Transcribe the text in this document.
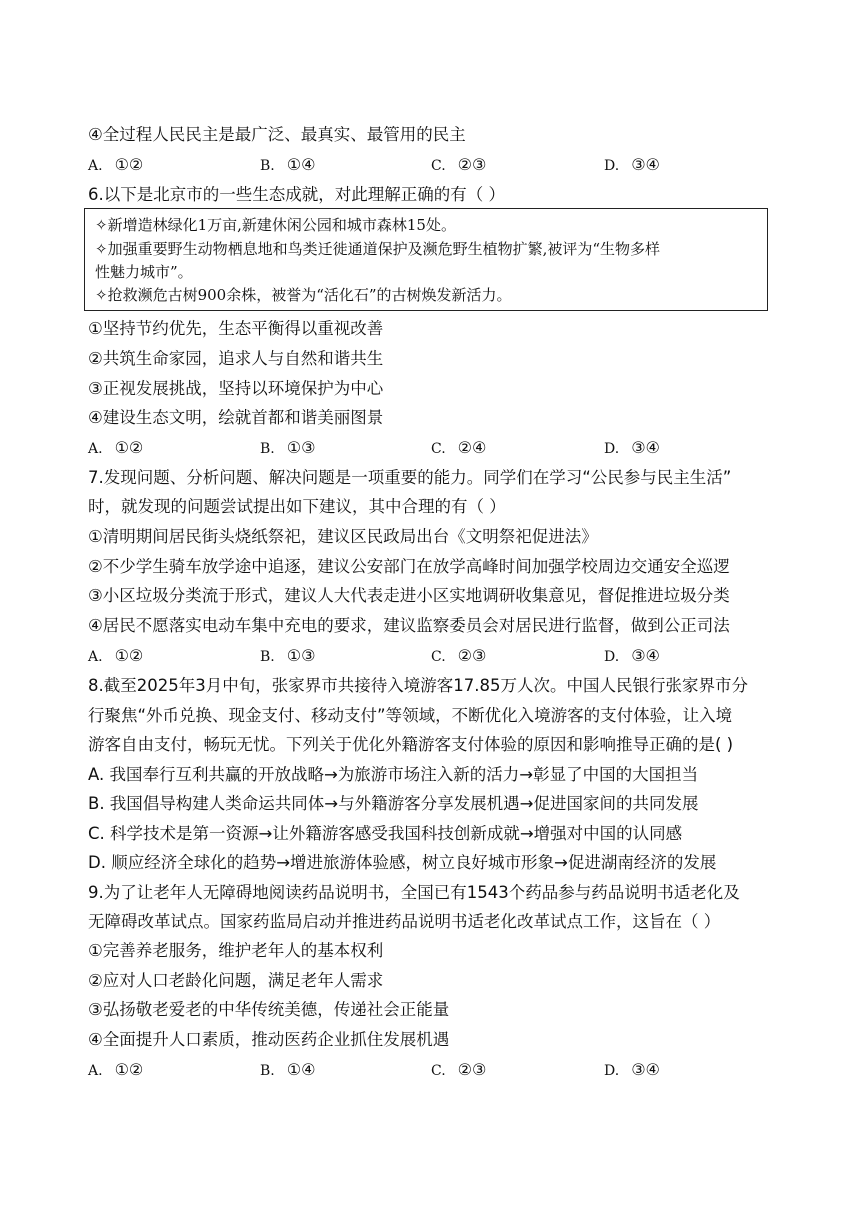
④全过程人民民主是最广泛、最真实、最管用的民主
A. ①②	B. ①④	C. ②③	D. ③④
6.以下是北京市的一些生态成就，对此理解正确的有（ ）
✧新增造林绿化1万亩,新建休闲公园和城市森林15处。
✧加强重要野生动物栖息地和鸟类迁徙通道保护及濒危野生植物扩繁,被评为“生物多样
性魅力城市”。
✧抢救濒危古树900余株，被誉为“活化石”的古树焕发新活力。
①坚持节约优先，生态平衡得以重视改善
②共筑生命家园，追求人与自然和谐共生
③正视发展挑战，坚持以环境保护为中心
④建设生态文明，绘就首都和谐美丽图景
A. ①②	B. ①③	C. ②④	D. ③④
7.发现问题、分析问题、解决问题是一项重要的能力。同学们在学习“公民参与民主生活”
时，就发现的问题尝试提出如下建议，其中合理的有（ ）
①清明期间居民街头烧纸祭祀，建议区民政局出台《文明祭祀促进法》
②不少学生骑车放学途中追逐，建议公安部门在放学高峰时间加强学校周边交通安全巡逻
③小区垃圾分类流于形式，建议人大代表走进小区实地调研收集意见，督促推进垃圾分类
④居民不愿落实电动车集中充电的要求，建议监察委员会对居民进行监督，做到公正司法
A. ①②	B. ①③	C. ②③	D. ③④
8.截至2025年3月中旬，张家界市共接待入境游客17.85万人次。中国人民银行张家界市分
行聚焦“外币兑换、现金支付、移动支付”等领域，不断优化入境游客的支付体验，让入境
游客自由支付，畅玩无忧。下列关于优化外籍游客支付体验的原因和影响推导正确的是( )
A. 我国奉行互利共赢的开放战略→为旅游市场注入新的活力→彰显了中国的大国担当
B. 我国倡导构建人类命运共同体→与外籍游客分享发展机遇→促进国家间的共同发展
C. 科学技术是第一资源→让外籍游客感受我国科技创新成就→增强对中国的认同感
D. 顺应经济全球化的趋势→增进旅游体验感，树立良好城市形象→促进湖南经济的发展
9.为了让老年人无障碍地阅读药品说明书，全国已有1543个药品参与药品说明书适老化及
无障碍改革试点。国家药监局启动并推进药品说明书适老化改革试点工作，这旨在（ ）
①完善养老服务，维护老年人的基本权利
②应对人口老龄化问题，满足老年人需求
③弘扬敬老爱老的中华传统美德，传递社会正能量
④全面提升人口素质，推动医药企业抓住发展机遇
A. ①②	B. ①④	C. ②③	D. ③④
